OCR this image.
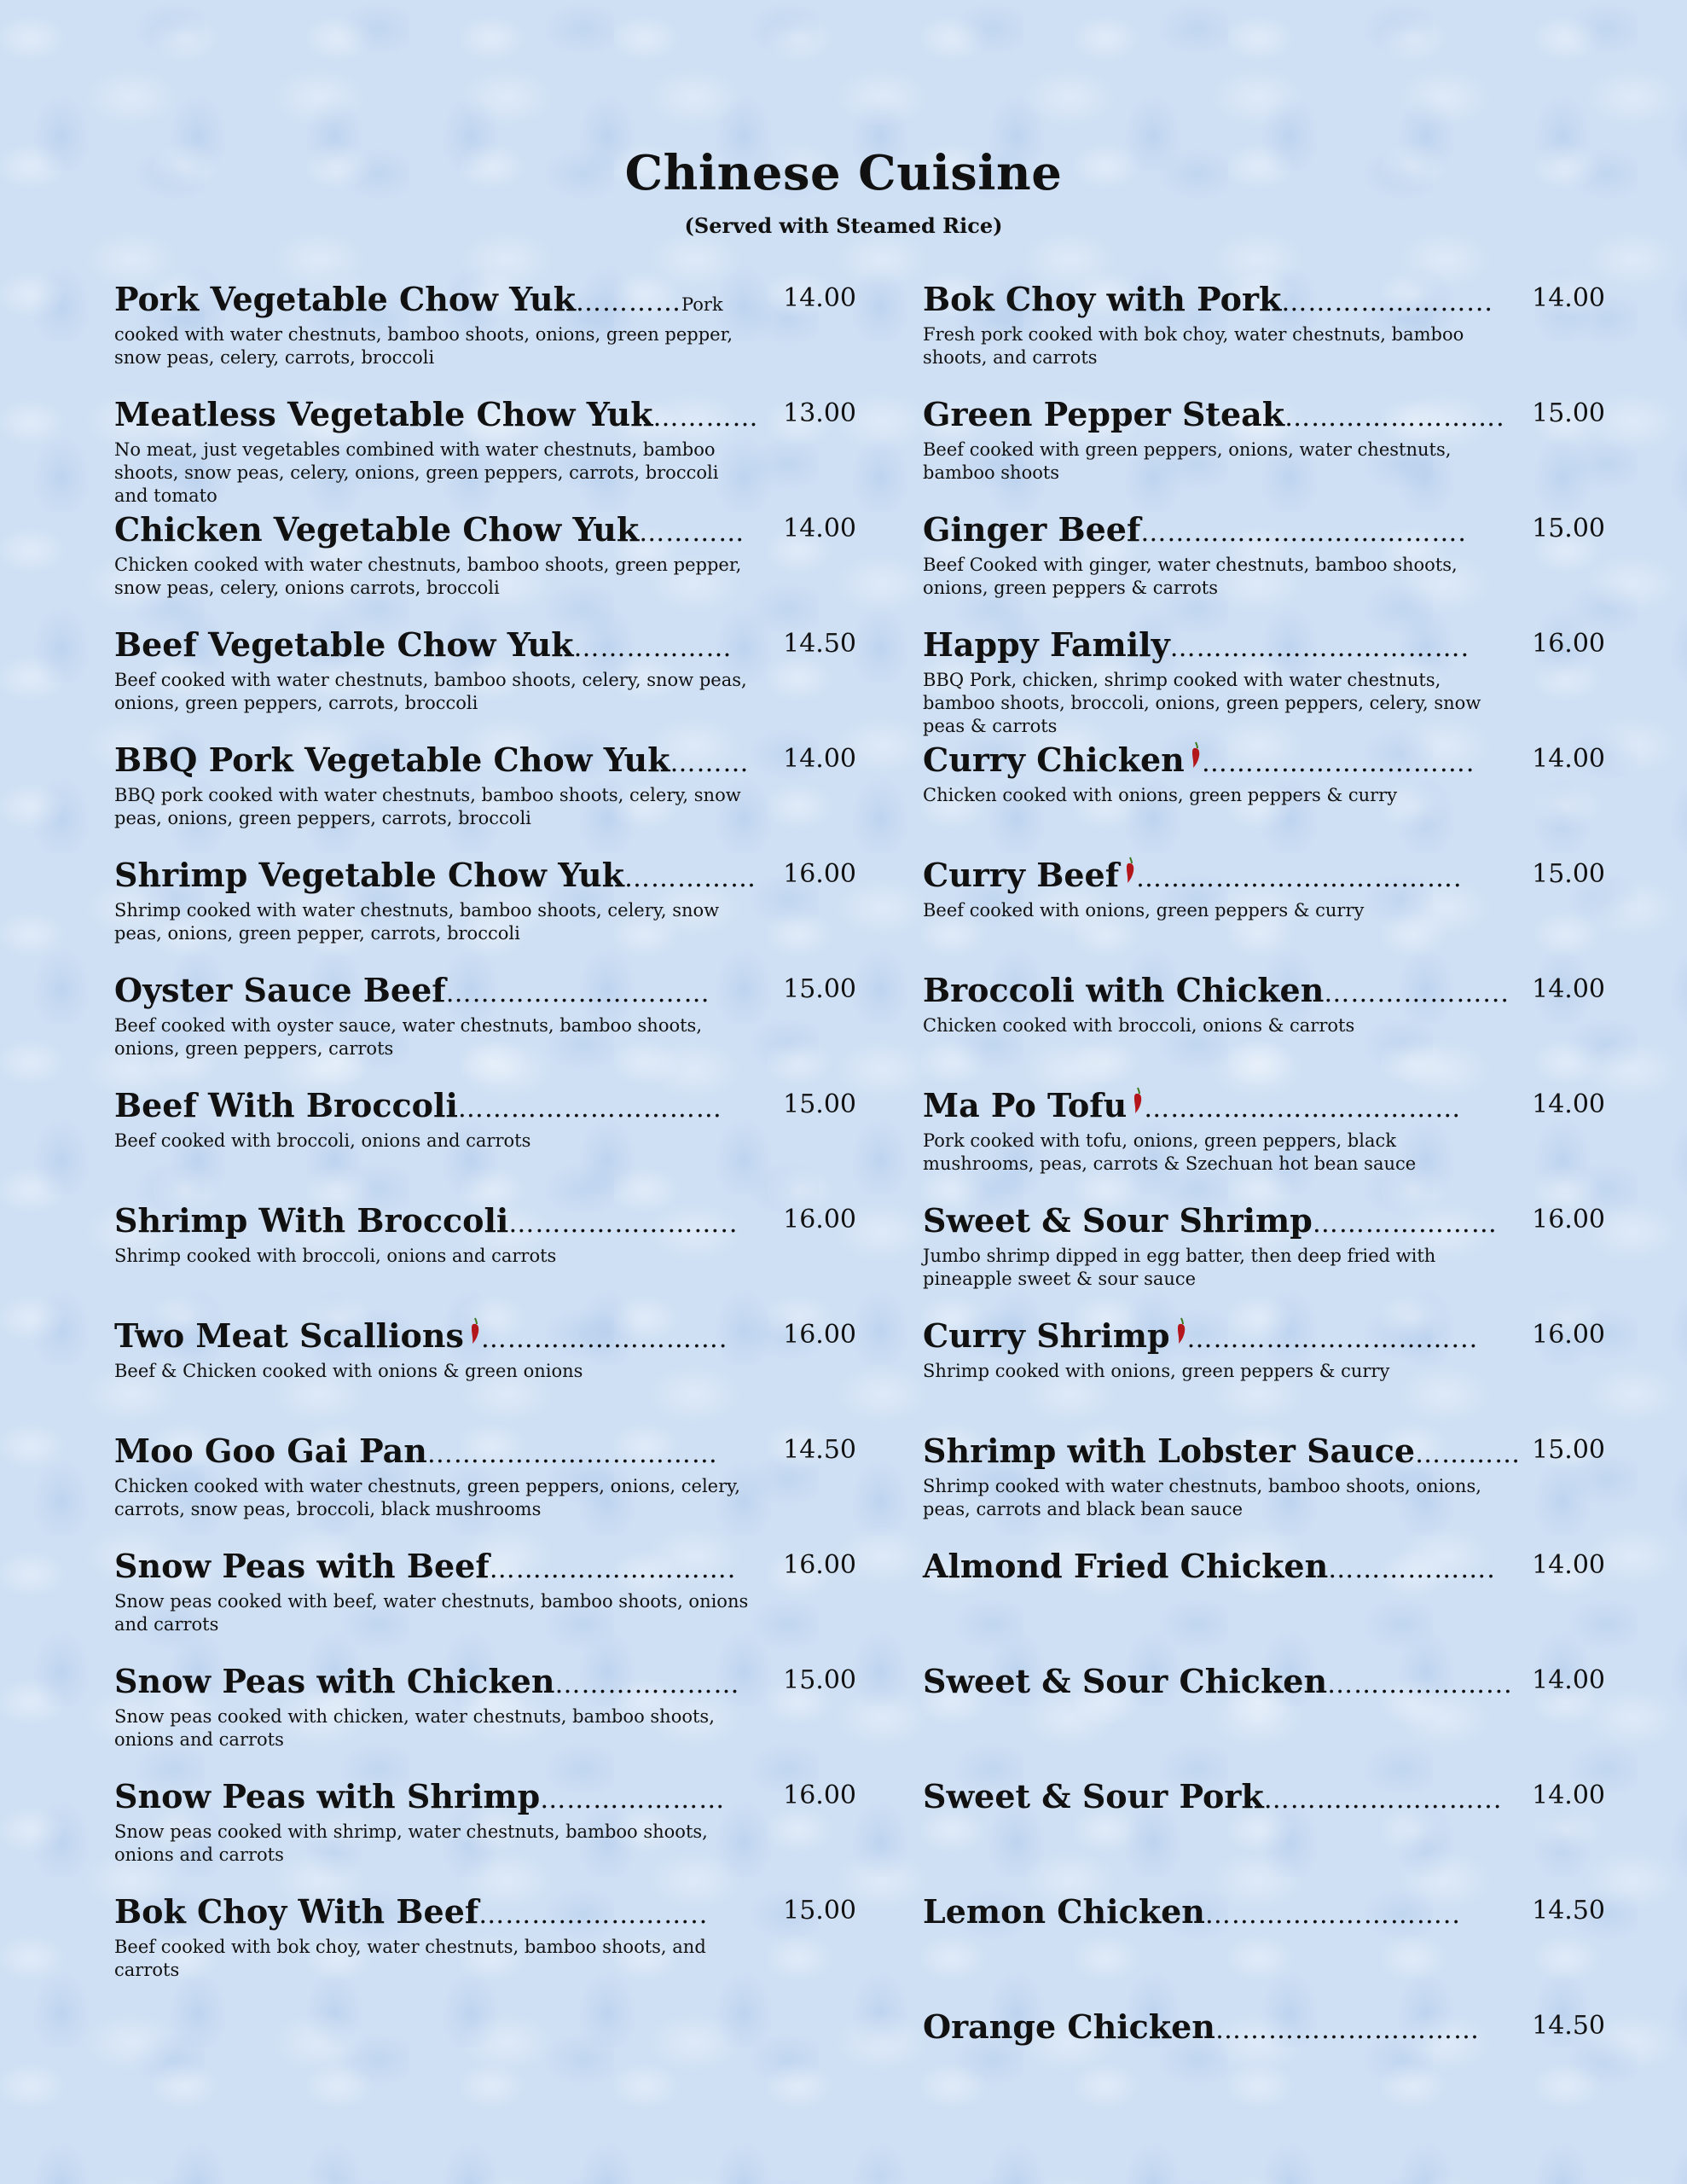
Chinese Cuisine
(Served with Steamed Rice)
Pork Vegetable Chow Yuk…………Pork	14.00
cooked with water chestnuts, bamboo shoots, onions, green pepper, snow peas, celery, carrots, broccoli
Meatless Vegetable Chow Yuk………… 13.00
No meat, just vegetables combined with water chestnuts, bamboo shoots, snow peas, celery, onions, green peppers, carrots, broccoli and tomato
Chicken Vegetable Chow Yuk…………	14.00
Chicken cooked with water chestnuts, bamboo shoots, green pepper, snow peas, celery, onions carrots, broccoli
Beef Vegetable Chow Yuk………………	14.50
Beef cooked with water chestnuts, bamboo shoots, celery, snow peas, onions, green peppers, carrots, broccoli
BBQ Pork Vegetable Chow Yuk………	14.00
BBQ pork cooked with water chestnuts, bamboo shoots, celery, snow peas, onions, green peppers, carrots, broccoli
Shrimp Vegetable Chow Yuk……………	16.00
Shrimp cooked with water chestnuts, bamboo shoots, celery, snow peas, onions, green pepper, carrots, broccoli
Oyster Sauce Beef…………………………	15.00
Beef cooked with oyster sauce, water chestnuts, bamboo shoots, onions, green peppers, carrots
Beef With Broccoli…………………………	15.00
Beef cooked with broccoli, onions and carrots
Shrimp With Broccoli……………………..	16.00
Shrimp cooked with broccoli, onions and carrots
Two Meat Scallions ……………………….	16.00
Beef & Chicken cooked with onions & green onions
Moo Goo Gai Pan……………………………	14.50
Chicken cooked with water chestnuts, green peppers, onions, celery, carrots, snow peas, broccoli, black mushrooms
Snow Peas with Beef……………………….	16.00
Snow peas cooked with beef, water chestnuts, bamboo shoots, onions and carrots
Snow Peas with Chicken…………………	15.00
Snow peas cooked with chicken, water chestnuts, bamboo shoots, onions and carrots
Snow Peas with Shrimp…………………	16.00
Snow peas cooked with shrimp, water chestnuts, bamboo shoots, onions and carrots
Bok Choy With Beef……………………..	15.00
Beef cooked with bok choy, water chestnuts, bamboo shoots, and carrots
Bok Choy with Pork…………………...	14.00
Fresh pork cooked with bok choy, water chestnuts, bamboo shoots, and carrots
Green Pepper Steak…………………….	15.00
Beef cooked with green peppers, onions, water chestnuts, bamboo shoots
Ginger Beef……………………………….	15.00
Beef Cooked with ginger, water chestnuts, bamboo shoots, onions, green peppers & carrots
Happy Family…………………………….	16.00
BBQ Pork, chicken, shrimp cooked with water chestnuts, bamboo shoots, broccoli, onions, green peppers, celery, snow peas & carrots
Curry Chicken ………………………….	14.00
Chicken cooked with onions, green peppers & curry
Curry Beef ……………………………….	15.00
Beef cooked with onions, green peppers & curry
Broccoli with Chicken………………... 14.00
Chicken cooked with broccoli, onions & carrots
Ma Po Tofu ………………………………	14.00
Pork cooked with tofu, onions, green peppers, black mushrooms, peas, carrots & Szechuan hot bean sauce
Sweet & Sour Shrimp…………………	16.00
Jumbo shrimp dipped in egg batter, then deep fried with pineapple sweet & sour sauce
Curry Shrimp …………………………...	16.00
Shrimp cooked with onions, green peppers & curry
Shrimp with Lobster Sauce………… 15.00
Shrimp cooked with water chestnuts, bamboo shoots, onions, peas, carrots and black bean sauce
Almond Fried Chicken……………….	14.00
Sweet & Sour Chicken………………... 14.00
Sweet & Sour Pork……………………...	14.00
Lemon Chicken………………………..	14.50
Orange Chicken…………………………	14.50
